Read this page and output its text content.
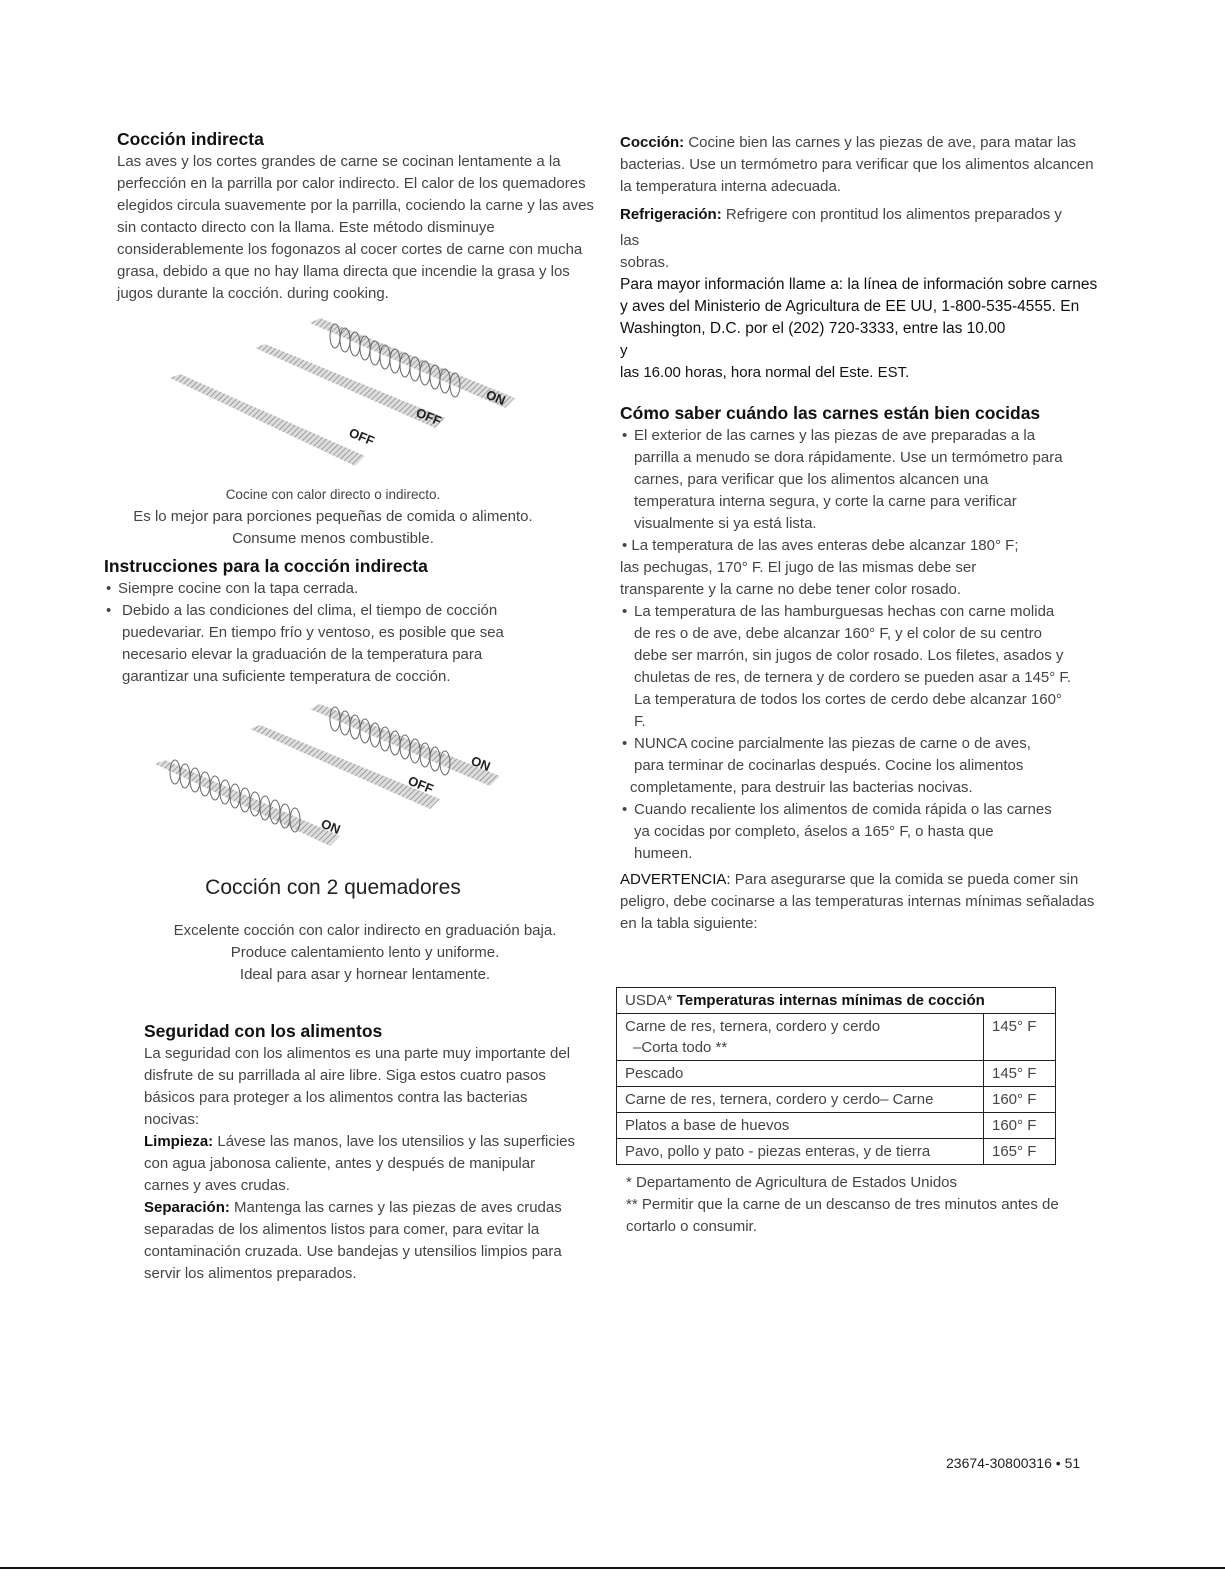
Cocción indirecta
Las aves y los cortes grandes de carne se cocinan lentamente a la perfección en la parrilla por calor indirecto. El calor de los quemadores elegidos circula suavemente por la parrilla, cociendo la carne y las aves sin contacto directo con la llama. Este método disminuye considerablemente los fogonazos al cocer cortes de carne con mucha grasa, debido a que no hay llama directa que incendie la grasa y los jugos durante la cocción. during cooking.
ON
OFF
OFF
Cocine con calor directo o indirecto.
Es lo mejor para porciones pequeñas de comida o alimento.
Consume menos combustible.
Instrucciones para la cocción indirecta
• Siempre cocine con la tapa cerrada.
• Debido a las condiciones del clima, el tiempo de cocción puedevariar. En tiempo frío y ventoso, es posible que sea necesario elevar la graduación de la temperatura para garantizar una suficiente temperatura de cocción.
ON
OFF
ON
Cocción con 2 quemadores
Excelente cocción con calor indirecto en graduación baja.
Produce calentamiento lento y uniforme.
Ideal para asar y hornear lentamente.
Seguridad con los alimentos
La seguridad con los alimentos es una parte muy importante del
disfrute de su parrillada al aire libre. Siga estos cuatro pasos básicos para proteger a los alimentos contra las bacterias nocivas:
Limpieza: Lávese las manos, lave los utensilios y las superficies con agua jabonosa caliente, antes y después de manipular carnes y aves crudas.
Separación: Mantenga las carnes y las piezas de aves crudas separadas de los alimentos listos para comer, para evitar la contaminación cruzada. Use bandejas y utensilios limpios para servir los alimentos preparados.
Cocción: Cocine bien las carnes y las piezas de ave, para matar las bacterias. Use un termómetro para verificar que los alimentos alcancen la temperatura interna adecuada.
Refrigeración: Refrigere con prontitud los alimentos preparados y
las
sobras.
Para mayor información llame a: la línea de información sobre carnes y aves del Ministerio de Agricultura de EE UU, 1-800-535-4555. En Washington, D.C. por el (202) 720-3333, entre las 10.00
y
las 16.00 horas, hora normal del Este. EST.
Cómo saber cuándo las carnes están bien cocidas
• El exterior de las carnes y las piezas de ave preparadas a la parrilla a menudo se dora rápidamente. Use un termómetro para carnes, para verificar que los alimentos alcancen una temperatura interna segura, y corte la carne para verificar visualmente si ya está lista.
• La temperatura de las aves enteras debe alcanzar 180° F;
las pechugas, 170° F. El jugo de las mismas debe ser transparente y la carne no debe tener color rosado.
• La temperatura de las hamburguesas hechas con carne molida de res o de ave, debe alcanzar 160° F, y el color de su centro debe ser marrón, sin jugos de color rosado. Los filetes, asados y chuletas de res, de ternera y de cordero se pueden asar a 145° F. La temperatura de todos los cortes de cerdo debe alcanzar 160° F.
• NUNCA cocine parcialmente las piezas de carne o de aves, para terminar de cocinarlas después. Cocine los alimentos
completamente, para destruir las bacterias nocivas.
• Cuando recaliente los alimentos de comida rápida o las carnes ya cocidas por completo, áselos a 165° F, o hasta que humeen.
ADVERTENCIA: Para asegurarse que la comida se pueda comer sin peligro, debe cocinarse a las temperaturas internas mínimas señaladas en la tabla siguiente:
USDA* Temperaturas internas mínimas de cocción	

Carne de res, ternera, cordero y cerdo
–Corta todo **	145° F
Pescado	145° F
Carne de res, ternera, cordero y cerdo– Carne	160° F
Platos a base de huevos	160° F
Pavo, pollo y pato - piezas enteras, y de tierra	165° F
* Departamento de Agricultura de Estados Unidos
** Permitir que la carne de un descanso de tres minutos antes de cortarlo o consumir.
23674-30800316 • 51
